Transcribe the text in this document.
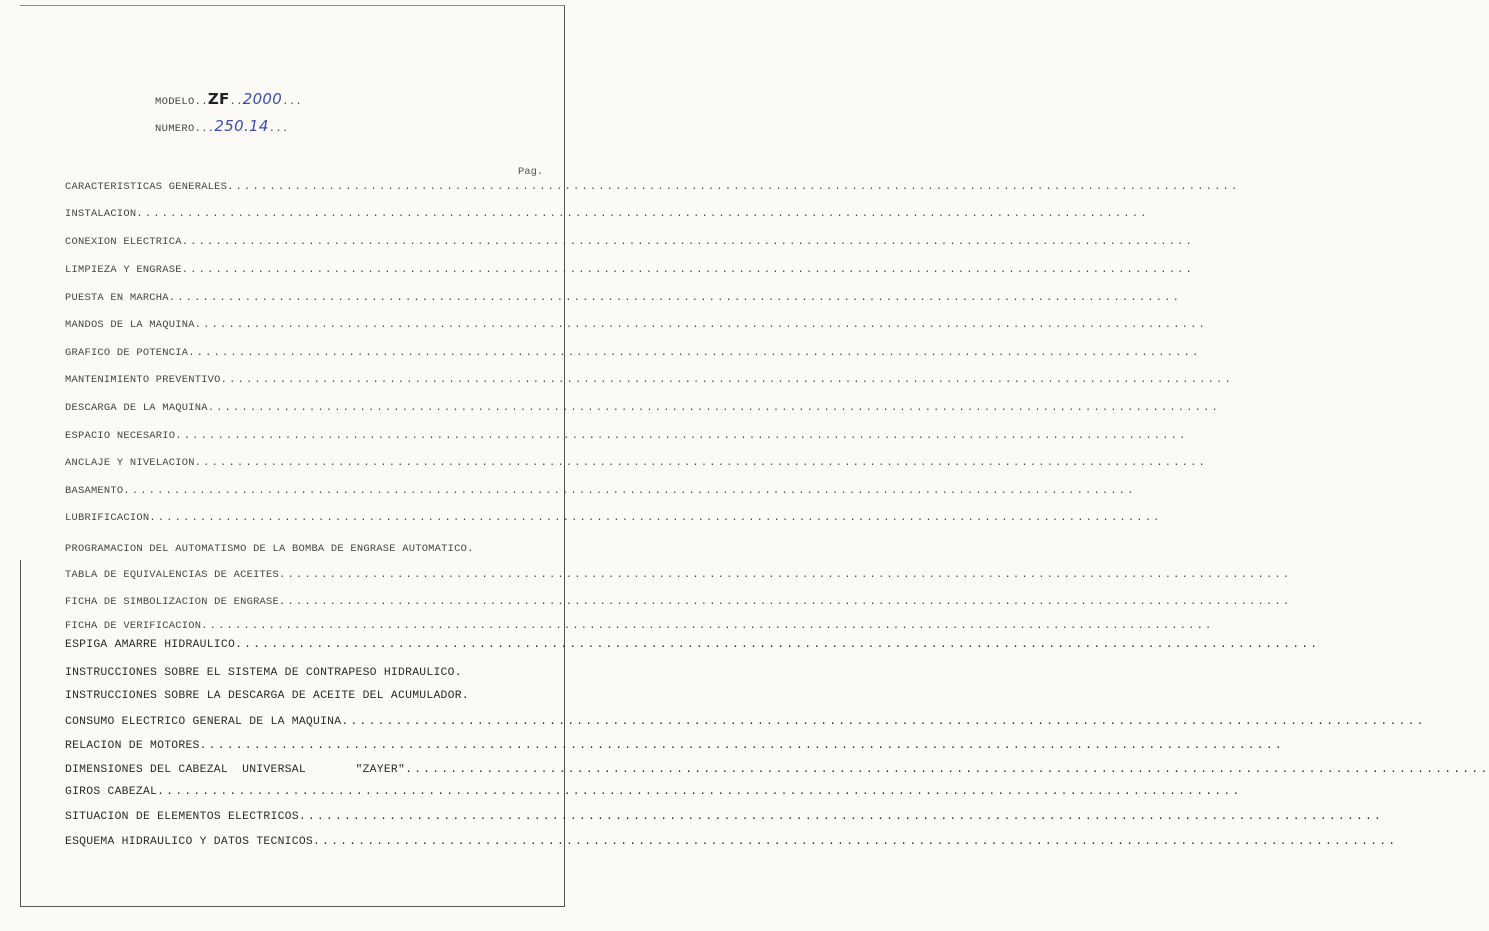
MODELO..ZF..2000...
NUMERO...250.14...
Pag.
CARACTERISTICAS GENERALES ........................................................................................................................
INSTALACION ........................................................................................................................
CONEXION ELECTRICA ........................................................................................................................
LIMPIEZA Y ENGRASE ........................................................................................................................
PUESTA EN MARCHA ........................................................................................................................
MANDOS DE LA MAQUINA ........................................................................................................................
GRAFICO DE POTENCIA ........................................................................................................................
MANTENIMIENTO PREVENTIVO ........................................................................................................................
DESCARGA DE LA MAQUINA ........................................................................................................................
ESPACIO NECESARIO ........................................................................................................................
ANCLAJE Y NIVELACION ........................................................................................................................
BASAMENTO ........................................................................................................................
LUBRIFICACION ........................................................................................................................
PROGRAMACION DEL AUTOMATISMO DE LA BOMBA DE ENGRASE AUTOMATICO.
TABLA DE EQUIVALENCIAS DE ACEITES ........................................................................................................................
FICHA DE SIMBOLIZACION DE ENGRASE ........................................................................................................................
FICHA DE VERIFICACION ........................................................................................................................
ESPIGA AMARRE HIDRAULICO ........................................................................................................................
INSTRUCCIONES SOBRE EL SISTEMA DE CONTRAPESO HIDRAULICO.
INSTRUCCIONES SOBRE LA DESCARGA DE ACEITE DEL ACUMULADOR.
CONSUMO ELECTRICO GENERAL DE LA MAQUINA ........................................................................................................................
RELACION DE MOTORES ........................................................................................................................
DIMENSIONES DEL CABEZAL  UNIVERSAL       "ZAYER" ........................................................................................................................
GIROS CABEZAL ........................................................................................................................
SITUACION DE ELEMENTOS ELECTRICOS ........................................................................................................................
ESQUEMA HIDRAULICO Y DATOS TECNICOS ........................................................................................................................
